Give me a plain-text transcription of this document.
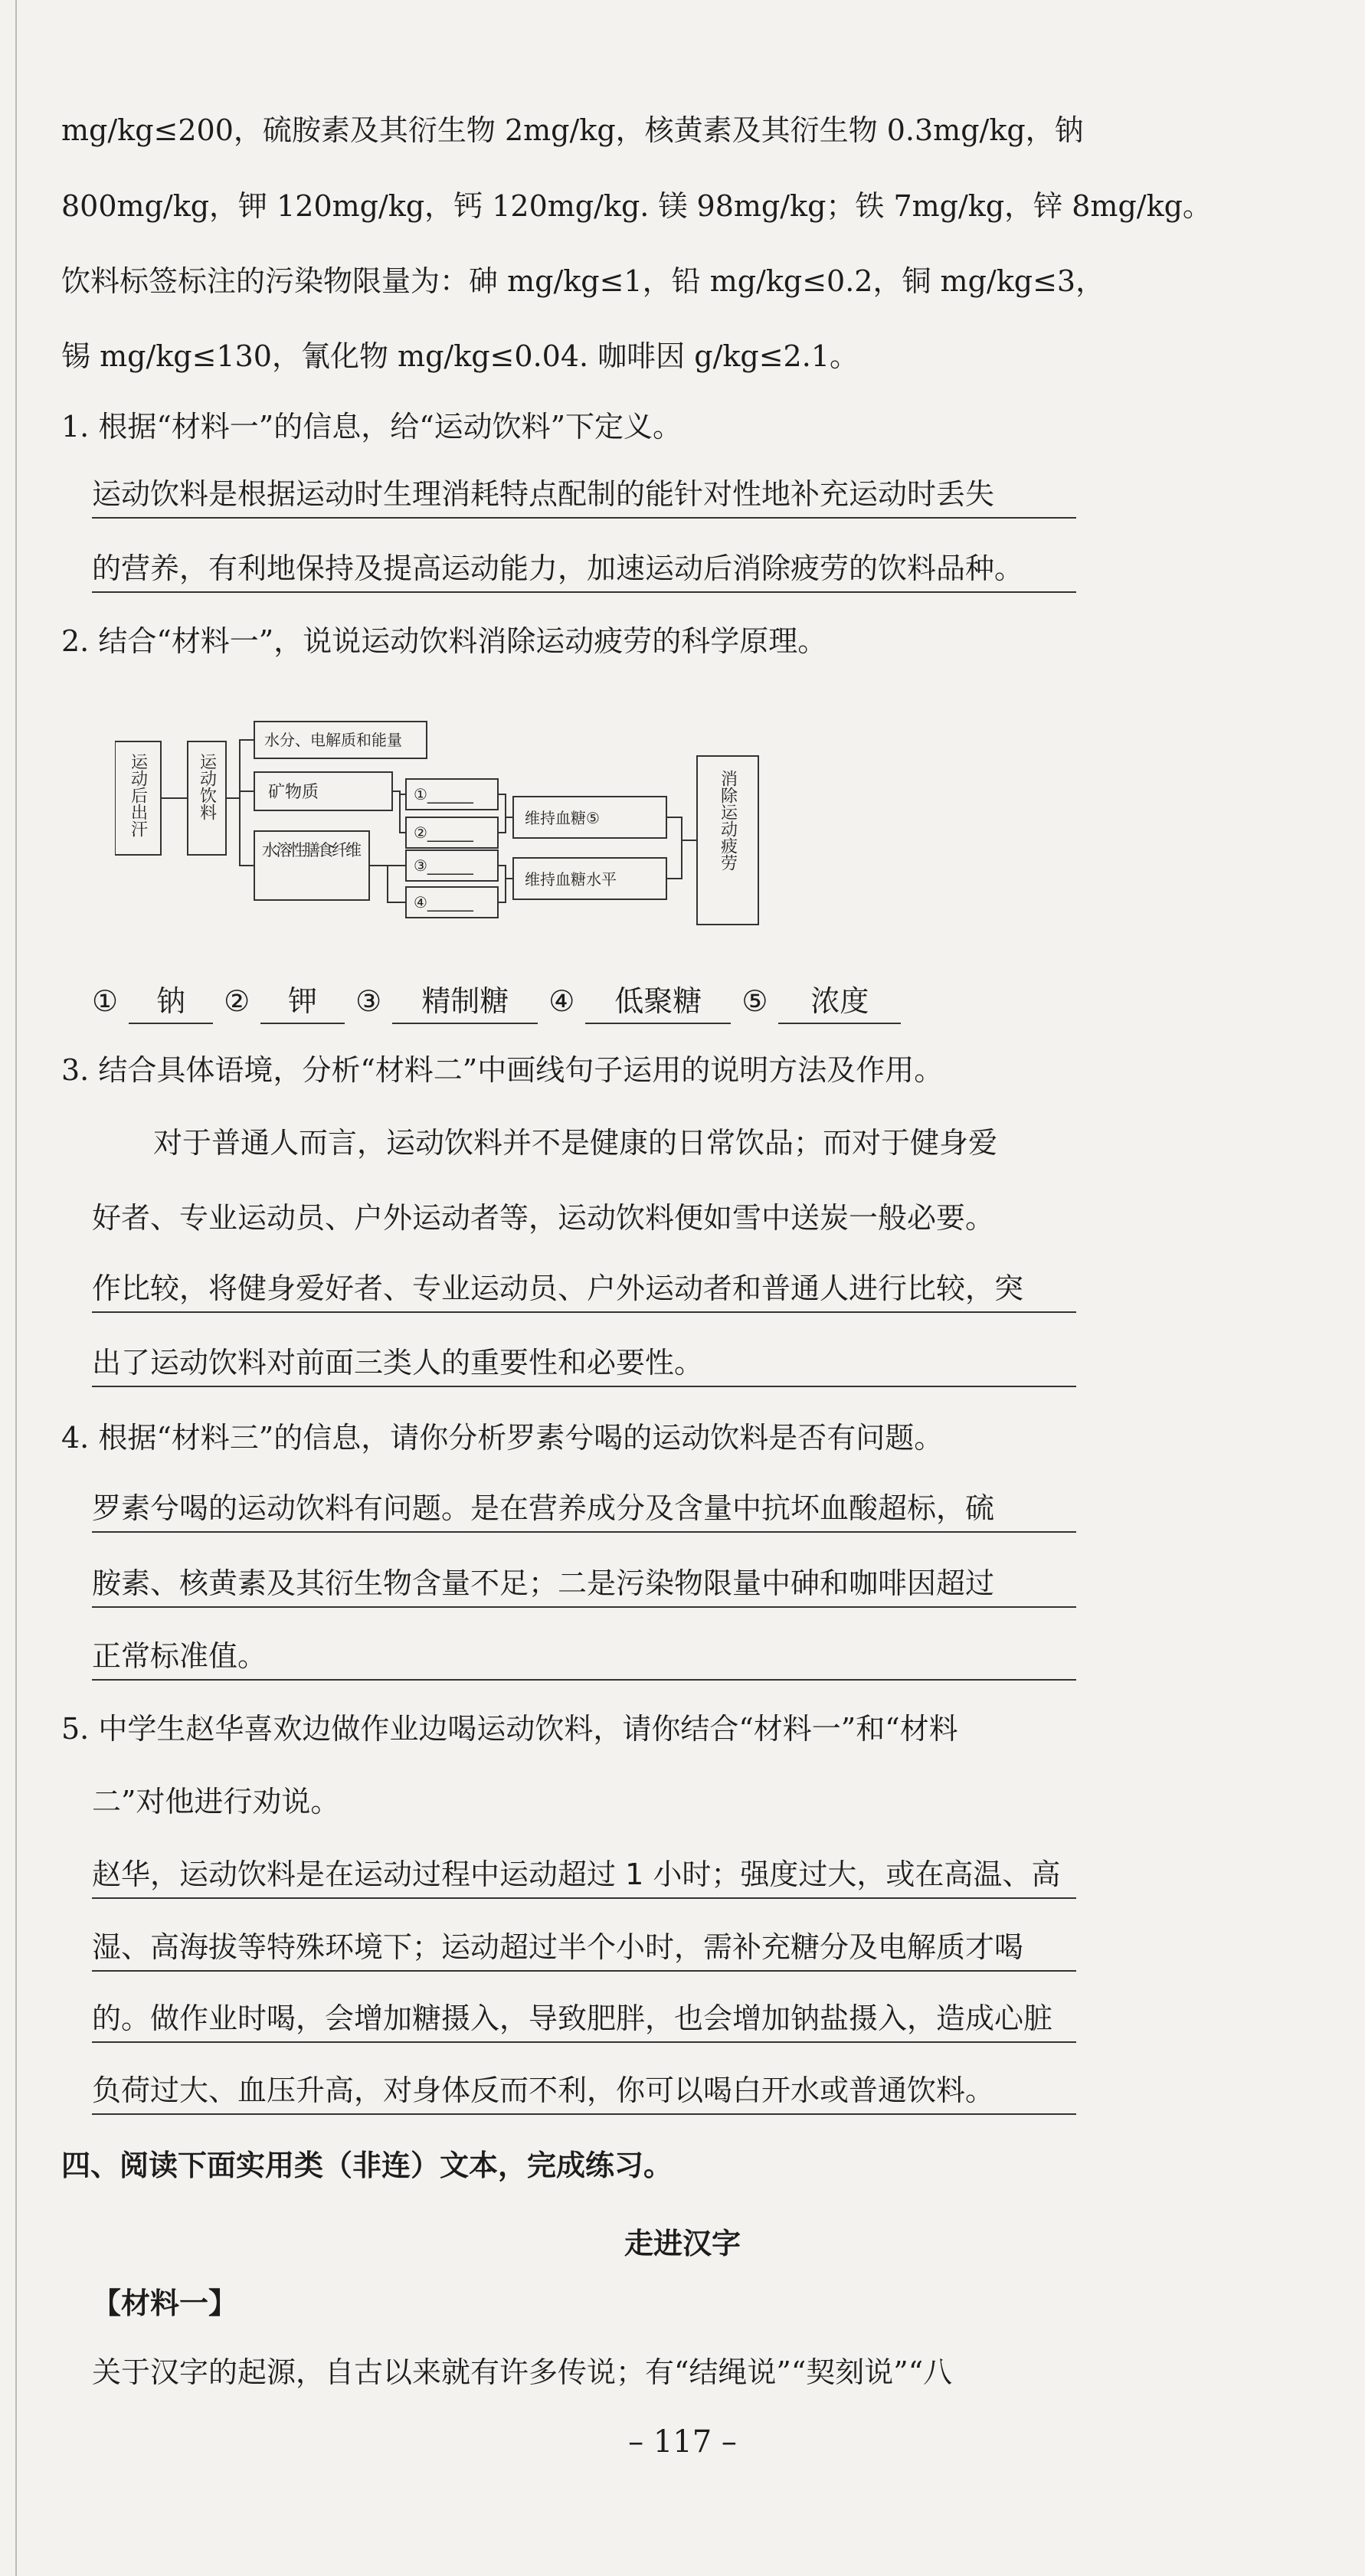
mg/kg≤200，硫胺素及其衍生物 2mg/kg，核黄素及其衍生物 0.3mg/kg，钠
800mg/kg，钾 120mg/kg，钙 120mg/kg. 镁 98mg/kg；铁 7mg/kg，锌 8mg/kg。
饮料标签标注的污染物限量为：砷 mg/kg≤1，铅 mg/kg≤0.2，铜 mg/kg≤3，
锡 mg/kg≤130，氰化物 mg/kg≤0.04. 咖啡因 g/kg≤2.1。
1. 根据“材料一”的信息，给“运动饮料”下定义。
运动饮料是根据运动时生理消耗特点配制的能针对性地补充运动时丢失
的营养，有利地保持及提高运动能力，加速运动后消除疲劳的饮料品种。
2. 结合“材料一”，说说运动饮料消除运动疲劳的科学原理。
运动后出汗	运动饮料
水分、电解质和能量
矿物质
水溶性膳食纤维
①______
②______
③______
④______
维持血糖⑤
维持血糖水平
消除运动疲劳
①	钠	②	钾	③	精制糖	④	低聚糖	⑤	浓度
3. 结合具体语境，分析“材料二”中画线句子运用的说明方法及作用。
对于普通人而言，运动饮料并不是健康的日常饮品；而对于健身爱
好者、专业运动员、户外运动者等，运动饮料便如雪中送炭一般必要。
作比较，将健身爱好者、专业运动员、户外运动者和普通人进行比较，突
出了运动饮料对前面三类人的重要性和必要性。
4. 根据“材料三”的信息，请你分析罗素兮喝的运动饮料是否有问题。
罗素兮喝的运动饮料有问题。是在营养成分及含量中抗坏血酸超标，硫
胺素、核黄素及其衍生物含量不足；二是污染物限量中砷和咖啡因超过
正常标准值。
5. 中学生赵华喜欢边做作业边喝运动饮料，请你结合“材料一”和“材料
二”对他进行劝说。
赵华，运动饮料是在运动过程中运动超过 1 小时；强度过大，或在高温、高
湿、高海拔等特殊环境下；运动超过半个小时，需补充糖分及电解质才喝
的。做作业时喝，会增加糖摄入，导致肥胖，也会增加钠盐摄入，造成心脏
负荷过大、血压升高，对身体反而不利，你可以喝白开水或普通饮料。
四、阅读下面实用类（非连）文本，完成练习。
走进汉字
【材料一】
关于汉字的起源，自古以来就有许多传说；有“结绳说”“契刻说”“八
– 117 –
